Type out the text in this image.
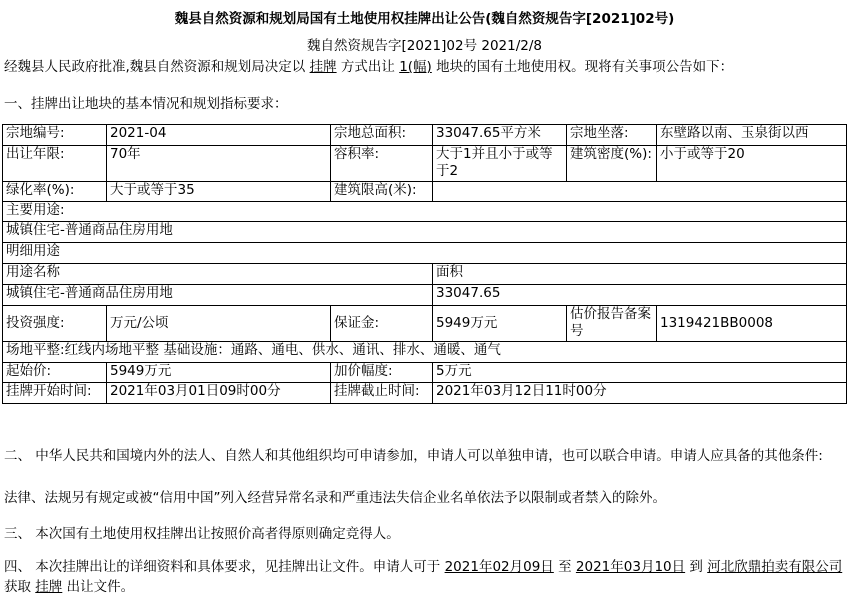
魏县自然资源和规划局国有土地使用权挂牌出让公告(魏自然资规告字[2021]02号)
魏自然资规告字[2021]02号 2021/2/8
经魏县人民政府批准,魏县自然资源和规划局决定以 挂牌 方式出让 1(幅) 地块的国有土地使用权。现将有关事项公告如下：
一、挂牌出让地块的基本情况和规划指标要求：
宗地编号:	2021-04	宗地总面积:	33047.65平方米	宗地坐落:	东壁路以南、玉泉街以西
出让年限:	70年	容积率:	大于1并且小于或等于2	建筑密度(%):	小于或等于20
绿化率(%):	大于或等于35	建筑限高(米):			
主要用途:					
城镇住宅-普通商品住房用地					
明细用途					
用途名称			面积		
城镇住宅-普通商品住房用地			33047.65		
投资强度:	万元/公顷	保证金:	5949万元	估价报告备案号	1319421BB0008
场地平整:红线内场地平整 基础设施：通路、通电、供水、通讯、排水、通暖、通气					
起始价:	5949万元	加价幅度:	5万元		
挂牌开始时间:	2021年03月01日09时00分	挂牌截止时间:	2021年03月12日11时00分		
二、 中华人民共和国境内外的法人、自然人和其他组织均可申请参加，申请人可以单独申请，也可以联合申请。申请人应具备的其他条件:
法律、法规另有规定或被“信用中国”列入经营异常名录和严重违法失信企业名单依法予以限制或者禁入的除外。
三、 本次国有土地使用权挂牌出让按照价高者得原则确定竞得人。
四、 本次挂牌出让的详细资料和具体要求，见挂牌出让文件。申请人可于 2021年02月09日 至 2021年03月10日 到 河北欣鼎拍卖有限公司 获取 挂牌 出让文件。
